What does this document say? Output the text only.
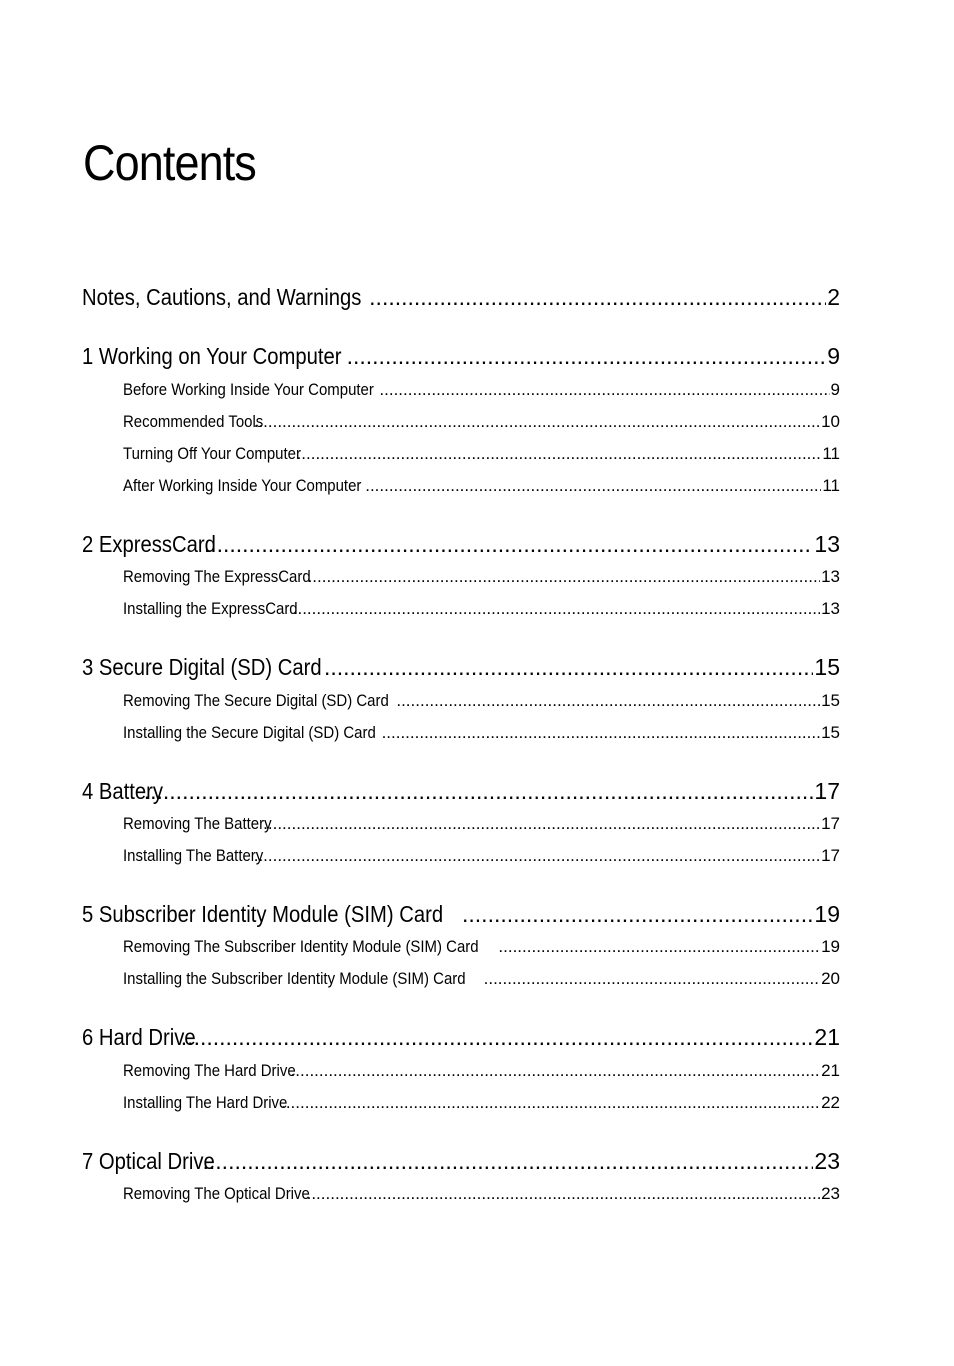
Contents
Notes, Cautions, and Warnings .....	2
1 Working on Your Computer .....	9
Before Working Inside Your Computer .....	9
Recommended Tools .....	10
Turning Off Your Computer .....	11
After Working Inside Your Computer .....	11
2 ExpressCard .....	13
Removing The ExpressCard .....	13
Installing the ExpressCard .....	13
3 Secure Digital (SD) Card .....	15
Removing The Secure Digital (SD) Card .....	15
Installing the Secure Digital (SD) Card .....	15
4 Battery .....	17
Removing The Battery .....	17
Installing The Battery .....	17
5 Subscriber Identity Module (SIM) Card .....	19
Removing The Subscriber Identity Module (SIM) Card .....	19
Installing the Subscriber Identity Module (SIM) Card .....	20
6 Hard Drive .....	21
Removing The Hard Drive .....	21
Installing The Hard Drive .....	22
7 Optical Drive .....	23
Removing The Optical Drive .....	23
